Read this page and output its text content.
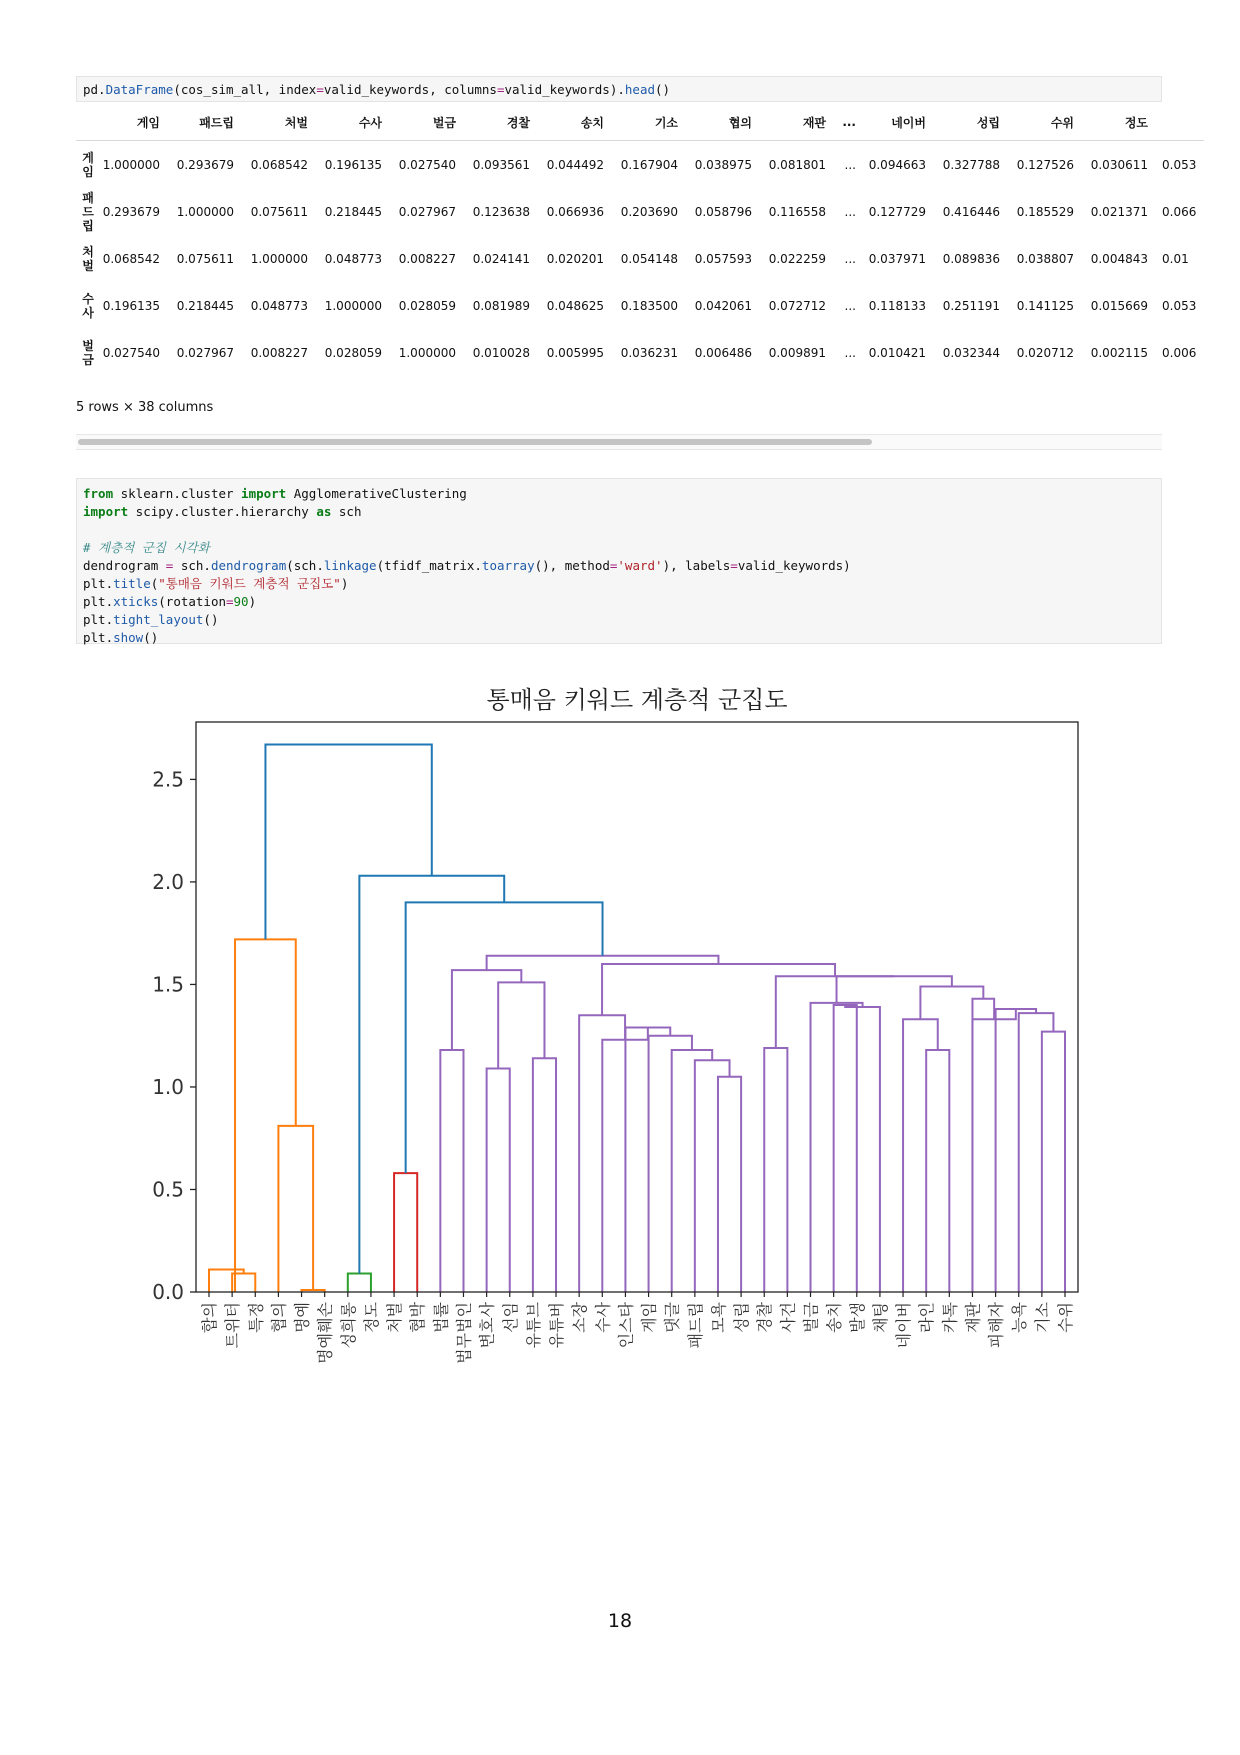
pd.DataFrame(cos_sim_all, index=valid_keywords, columns=valid_keywords).head()
	게임	패드립	처벌	수사	벌금	경찰	송치	기소	협의	재판	...	네이버	성립	수위	정도	
게
임	1.000000	0.293679	0.068542	0.196135	0.027540	0.093561	0.044492	0.167904	0.038975	0.081801	...	0.094663	0.327788	0.127526	0.030611	0.053
패
드
립	0.293679	1.000000	0.075611	0.218445	0.027967	0.123638	0.066936	0.203690	0.058796	0.116558	...	0.127729	0.416446	0.185529	0.021371	0.066
처
벌	0.068542	0.075611	1.000000	0.048773	0.008227	0.024141	0.020201	0.054148	0.057593	0.022259	...	0.037971	0.089836	0.038807	0.004843	0.01
수
사	0.196135	0.218445	0.048773	1.000000	0.028059	0.081989	0.048625	0.183500	0.042061	0.072712	...	0.118133	0.251191	0.141125	0.015669	0.053
벌
금	0.027540	0.027967	0.008227	0.028059	1.000000	0.010028	0.005995	0.036231	0.006486	0.009891	...	0.010421	0.032344	0.020712	0.002115	0.006
5 rows × 38 columns
from sklearn.cluster import AgglomerativeClustering
import scipy.cluster.hierarchy as sch

# 계층적 군집 시각화
dendrogram = sch.dendrogram(sch.linkage(tfidf_matrix.toarray(), method='ward'), labels=valid_keywords)
plt.title("통매음 키워드 계층적 군집도")
plt.xticks(rotation=90)
plt.tight_layout()
plt.show()
통매음 키워드 계층적 군집도
0.0
0.5
1.0
1.5
2.0
2.5
합의 트위터 특정 협의 명예 명예훼손 성희롱 정도 처벌 협박 법률 법무법인 변호사 선임 유튜브 유튜버 소장 수사 인스타 게임 댓글 패드립 모욕 성립 경찰 사건 벌금 송치 발생 채팅 네이버 라인 카톡 재판 피해자 능욕 기소 수위
18
